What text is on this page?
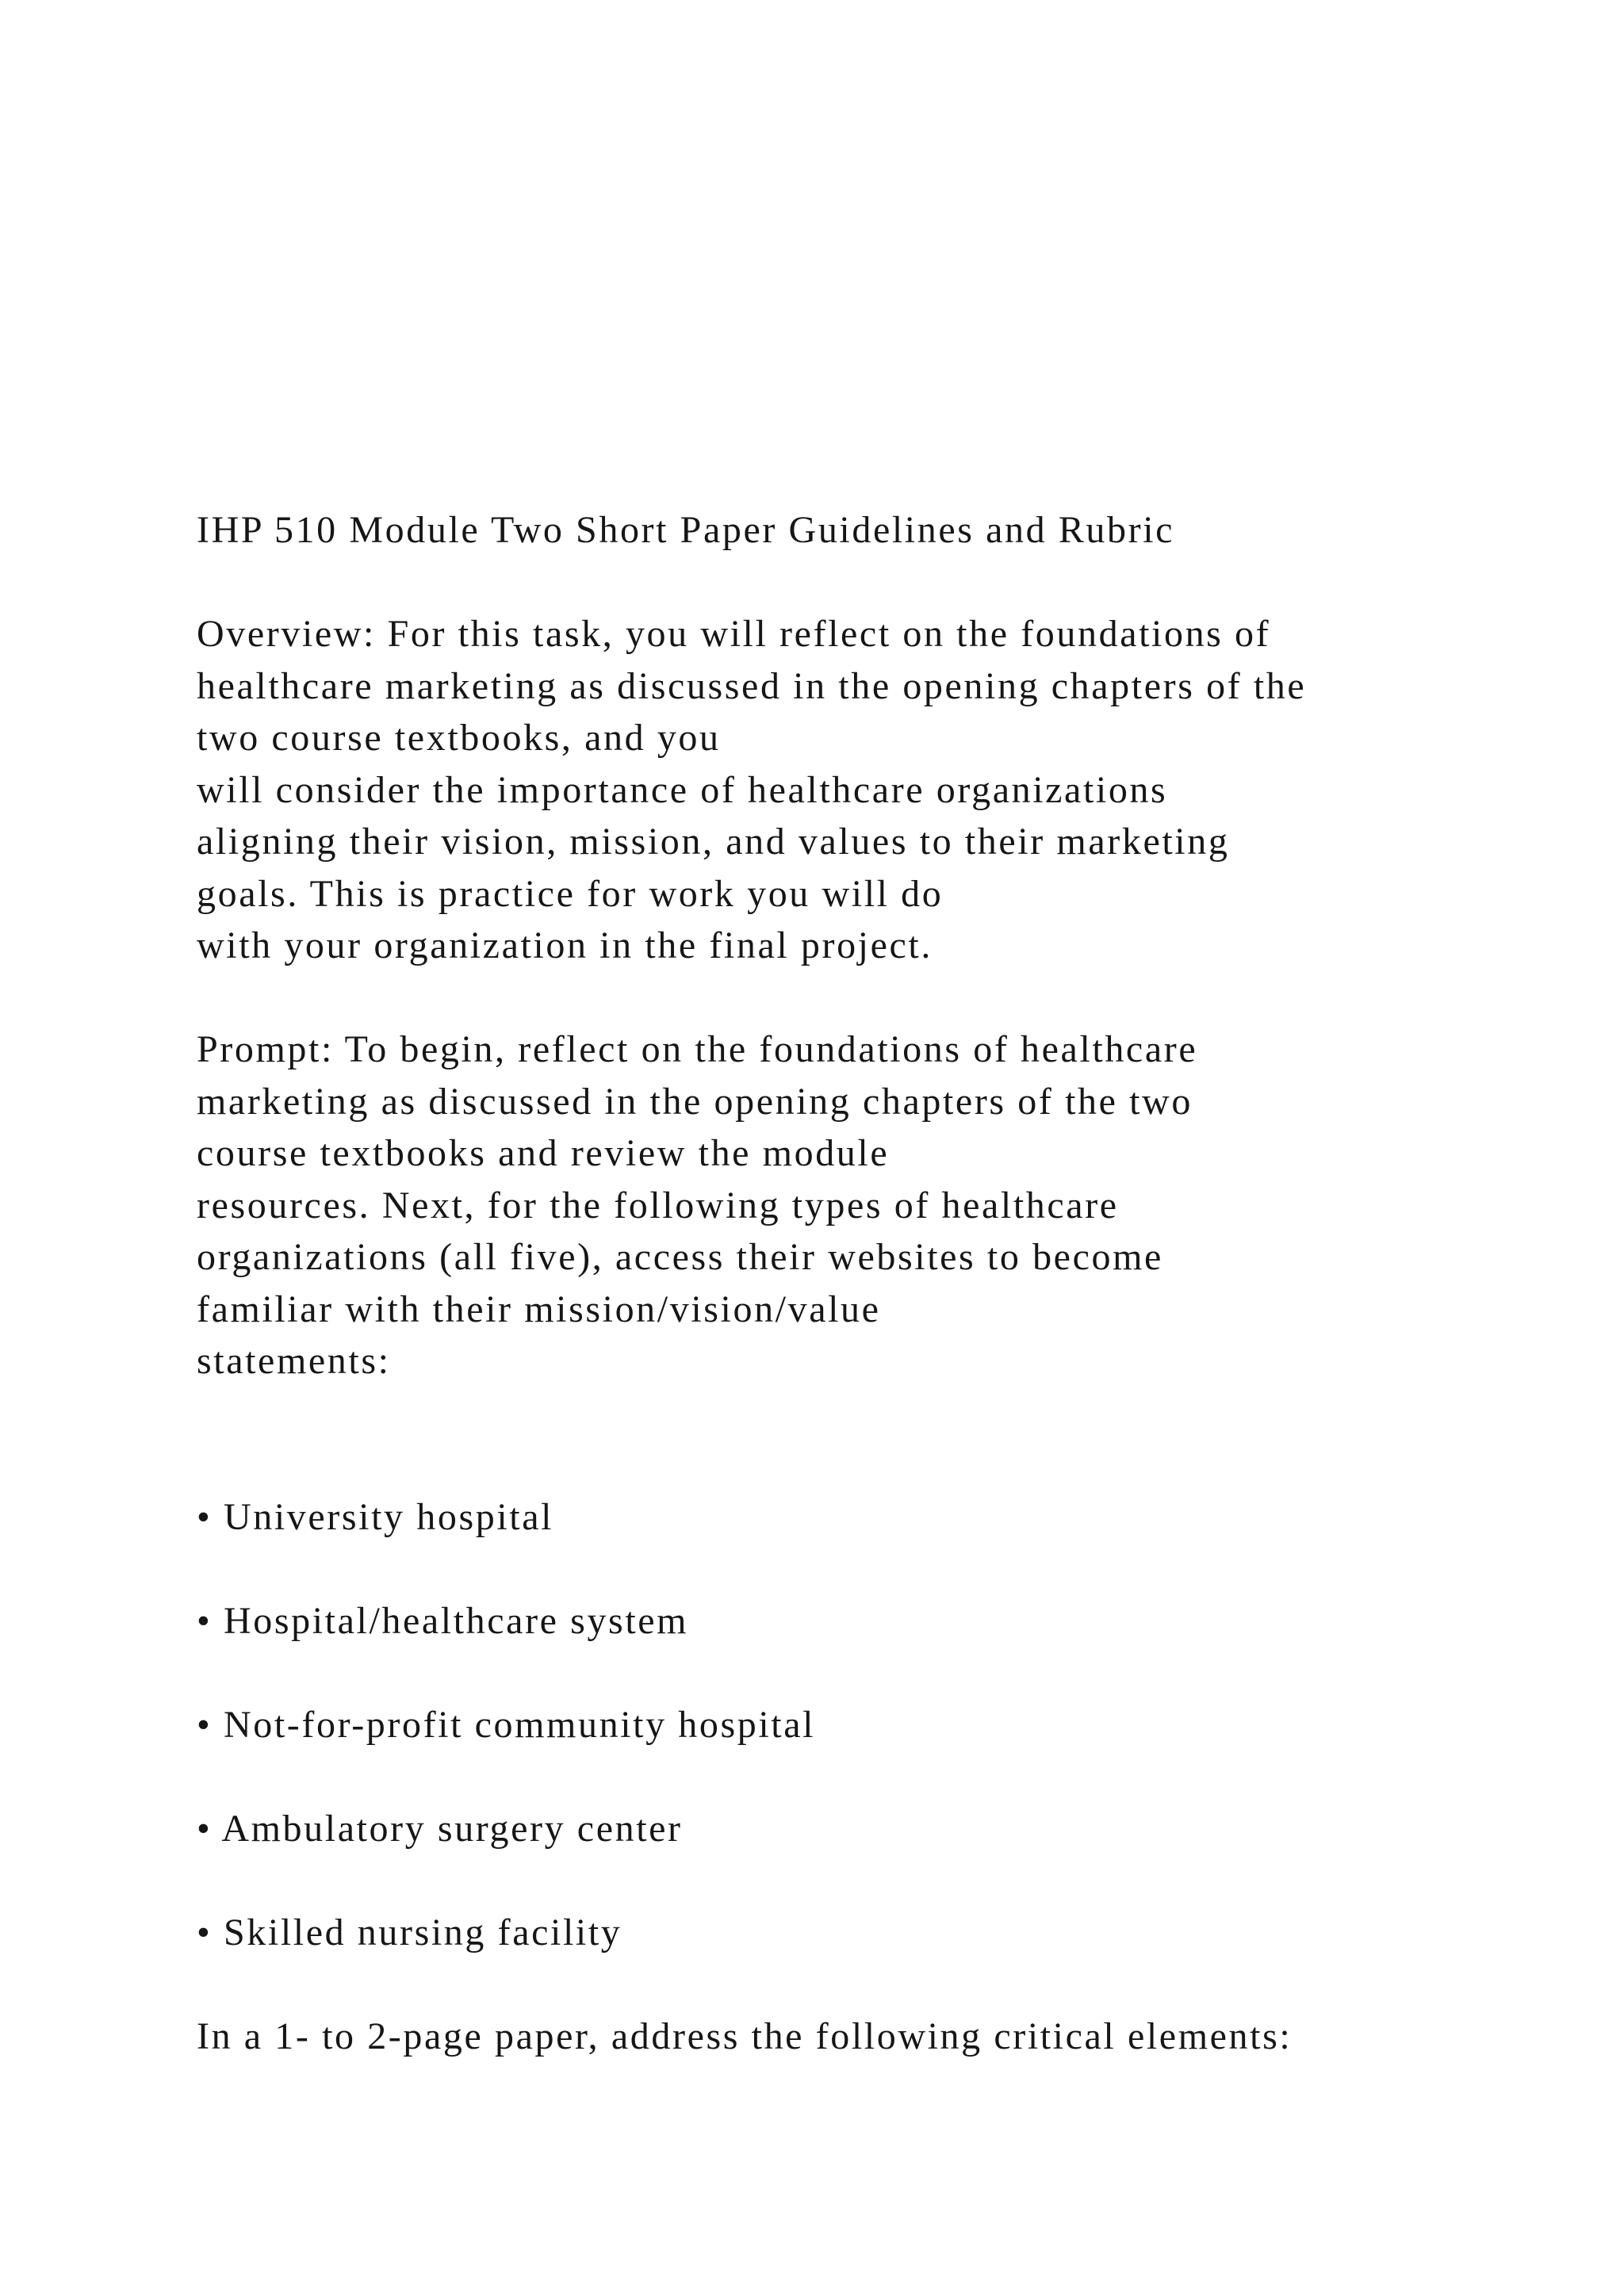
IHP 510 Module Two Short Paper Guidelines and Rubric

Overview: For this task, you will reflect on the foundations of

healthcare marketing as discussed in the opening chapters of the

two course textbooks, and you

will consider the importance of healthcare organizations

aligning their vision, mission, and values to their marketing

goals. This is practice for work you will do

with your organization in the final project.

Prompt: To begin, reflect on the foundations of healthcare

marketing as discussed in the opening chapters of the two

course textbooks and review the module

resources. Next, for the following types of healthcare

organizations (all five), access their websites to become

familiar with their mission/vision/value

statements:

• University hospital

• Hospital/healthcare system

• Not-for-profit community hospital

• Ambulatory surgery center

• Skilled nursing facility

In a 1- to 2-page paper, address the following critical elements:
